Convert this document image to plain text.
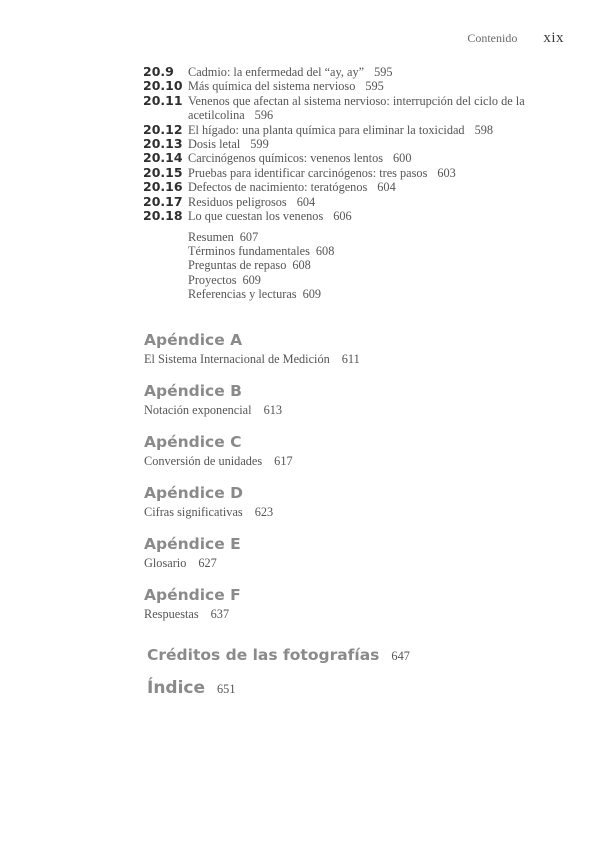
Contenido xix
20.9	Cadmio: la enfermedad del “ay, ay” 595
20.10 Más química del sistema nervioso 595
20.11 Venenos que afectan al sistema nervioso: interrupción del ciclo de la acetilcolina 596
20.12 El hígado: una planta química para eliminar la toxicidad 598
20.13 Dosis letal 599
20.14 Carcinógenos químicos: venenos lentos 600
20.15 Pruebas para identificar carcinógenos: tres pasos 603
20.16 Defectos de nacimiento: teratógenos 604
20.17 Residuos peligrosos 604
20.18 Lo que cuestan los venenos 606
Resumen 607
Términos fundamentales 608
Preguntas de repaso 608
Proyectos 609
Referencias y lecturas 609
Apéndice A
El Sistema Internacional de Medición 611
Apéndice B
Notación exponencial 613
Apéndice C
Conversión de unidades 617
Apéndice D
Cifras significativas 623
Apéndice E
Glosario 627
Apéndice F
Respuestas 637
Créditos de las fotografías 647
Índice 651
